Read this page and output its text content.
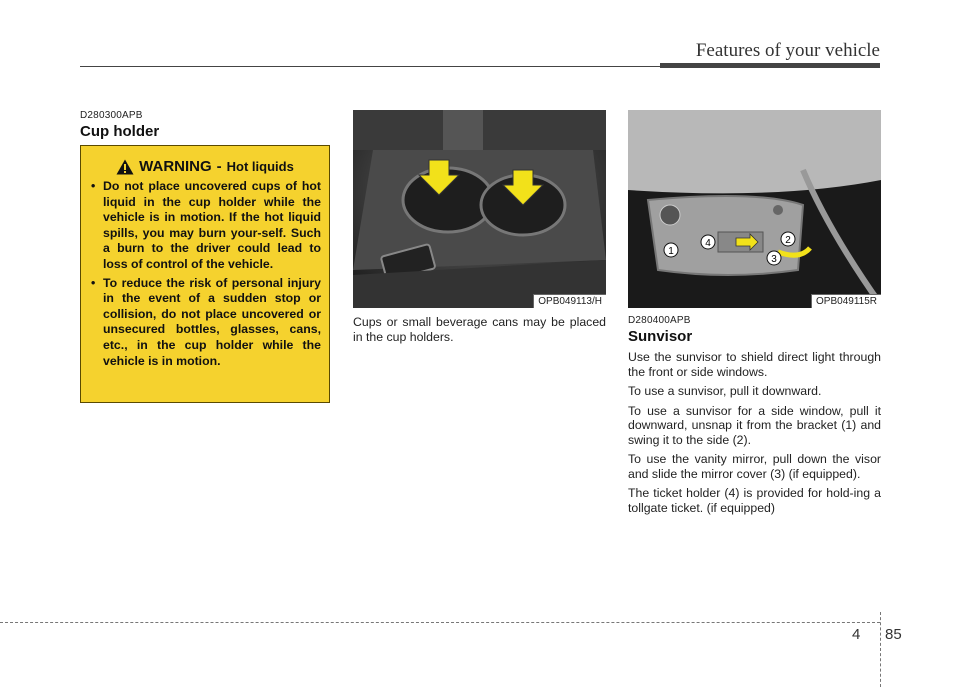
Features of your vehicle
D280300APB
Cup holder
WARNING - Hot liquids
• Do not place uncovered cups of hot liquid in the cup holder while the vehicle is in motion. If the hot liquid spills, you may burn your-self. Such a burn to the driver could lead to loss of control of the vehicle.
• To reduce the risk of personal injury in the event of a sudden stop or collision, do not place uncovered or unsecured bottles, glasses, cans, etc., in the cup holder while the vehicle is in motion.
OPB049113/H
Cups or small beverage cans may be placed in the cup holders.
1
2
3
4
OPB049115R
D280400APB
Sunvisor

Use the sunvisor to shield direct light through the front or side windows.

To use a sunvisor, pull it downward.

To use a sunvisor for a side window, pull it downward, unsnap it from the bracket (1) and swing it to the side (2).

To use the vanity mirror, pull down the visor and slide the mirror cover (3) (if equipped).

The ticket holder (4) is provided for hold-ing a tollgate ticket. (if equipped)

4 85
